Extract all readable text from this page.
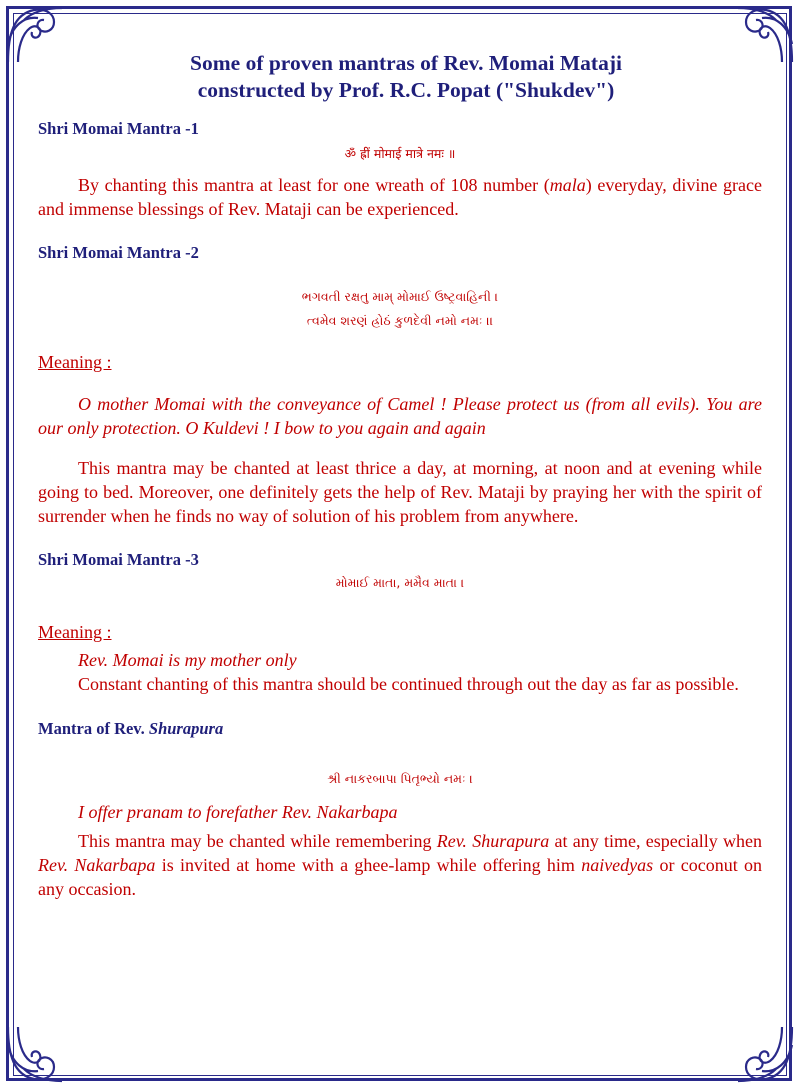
Some of proven mantras of Rev. Momai Mataji
constructed by Prof. R.C. Popat ("Shukdev")

Shri Momai Mantra -1

ॐ ह्रीं मोमाई मात्रे नमः ॥

By chanting this mantra at least for one wreath of 108 number (mala) everyday, divine grace and immense blessings of Rev. Mataji can be experienced.

Shri Momai Mantra -2

ભગવતી રક્ષતુ મામ્ મોમાઈ ઉષ્ટ્રવાહિની ।

ત્વમેવ શરણં હ્રોઠં કુળદેવી નમો નમઃ ।।

Meaning :

O mother Momai with the conveyance of Camel ! Please protect us (from all evils). You are our only protection. O Kuldevi ! I bow to you again and again

This mantra may be chanted at least thrice a day, at morning, at noon and at evening while going to bed. Moreover, one definitely gets the help of Rev. Mataji by praying her with the spirit of surrender when he finds no way of solution of his problem from anywhere.

Shri Momai Mantra -3

મોમાઈ માતા, મમૈવ માતા ।

Meaning :

Rev. Momai is my mother only

Constant chanting of this mantra should be continued through out the day as far as possible.

Mantra of Rev. Shurapura

શ્રી નાકરબાપા પિતૃભ્યો નમઃ ।

I offer pranam to forefather Rev. Nakarbapa

This mantra may be chanted while remembering Rev. Shurapura at any time, especially when Rev. Nakarbapa is invited at home with a ghee-lamp while offering him naivedyas or coconut on any occasion.
